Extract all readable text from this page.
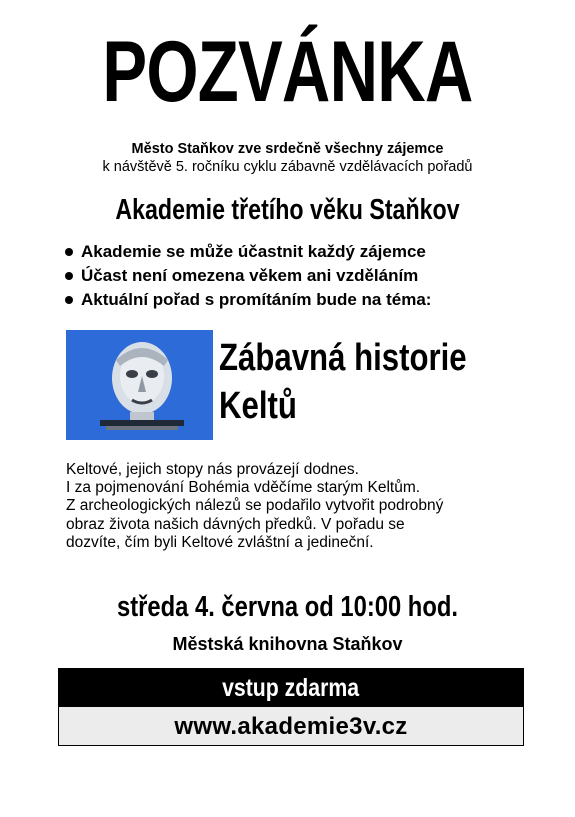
POZVÁNKA
Město Staňkov zve srdečně všechny zájemce
k návštěvě 5. ročníku cyklu zábavně vzdělávacích pořadů
Akademie třetího věku Staňkov
Akademie se může účastnit každý zájemce
Účast není omezena věkem ani vzděláním
Aktuální pořad s promítáním bude na téma:
Zábavná historie
Keltů
Keltové, jejich stopy nás provázejí dodnes.
I za pojmenování Bohémia vděčíme starým Keltům.
Z archeologických nálezů se podařilo vytvořit podrobný
obraz života našich dávných předků. V pořadu se
dozvíte, čím byli Keltové zvláštní a jedineční.
středa 4. června od 10:00 hod.
Městská knihovna Staňkov
vstup zdarma
www.akademie3v.cz
